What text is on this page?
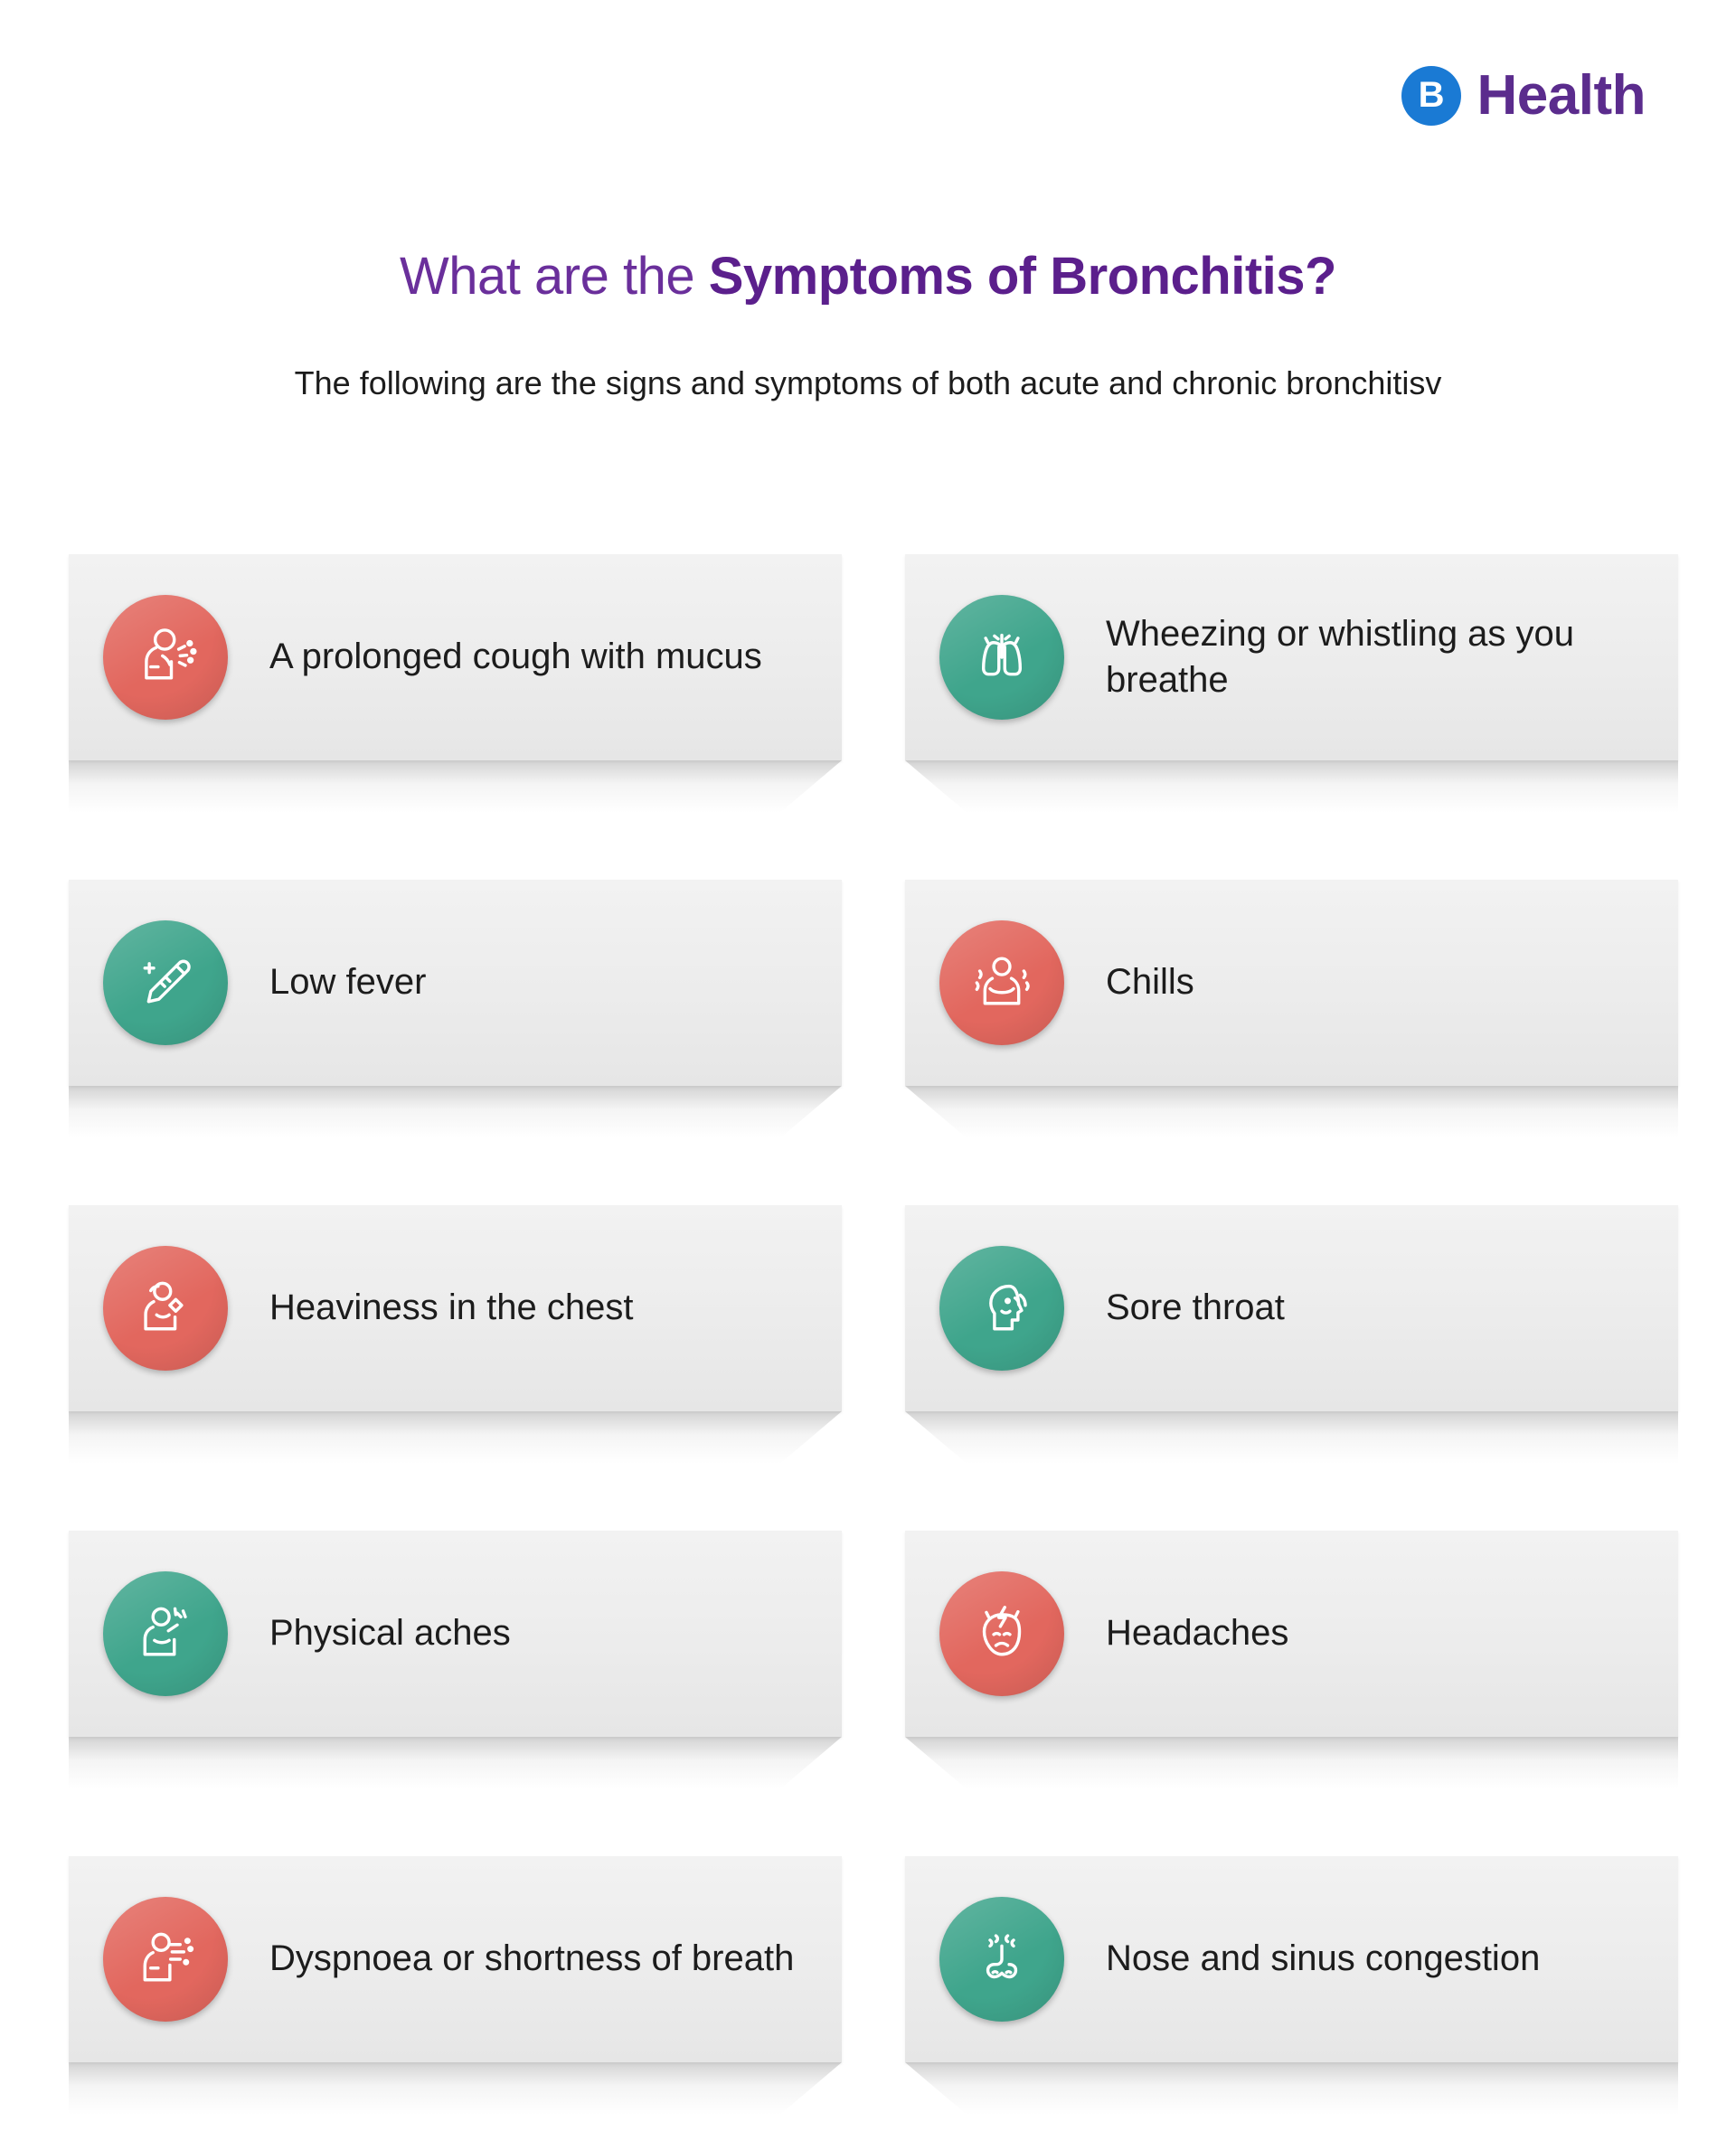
B Health
What are the Symptoms of Bronchitis?
The following are the signs and symptoms of both acute and chronic bronchitisv
A prolonged cough with mucus
Wheezing or whistling as you breathe
Low fever	Chills
Heaviness in the chest	Sore throat
Physical aches	Headaches
Dyspnoea or shortness of breath	Nose and sinus congestion
